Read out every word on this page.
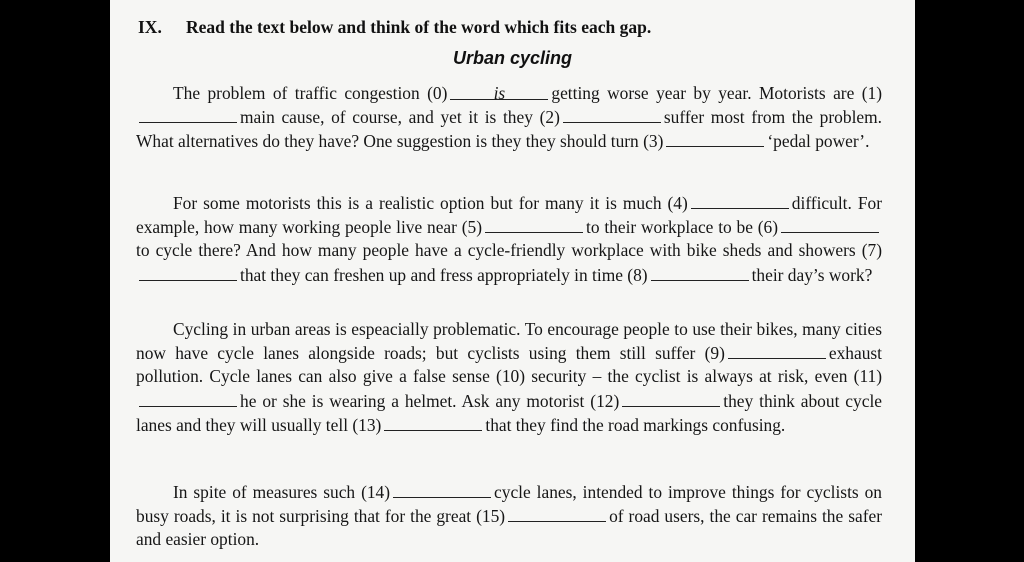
IX. Read the text below and think of the word which fits each gap.
Urban cycling
The problem of traffic congestion (0)	is	getting worse year by year. Motorists are (1)main cause, of course, and yet it is they (2)	suffer most from the problem. What alternatives do they have? One suggestion is they they should turn (3)	‘pedal power’.
For some motorists this is a realistic option but for many it is much (4)	difficult. For example, how many working people live near (5)	to their workplace to be (6)to cycle there? And how many people have a cycle-friendly workplace with bike sheds and showers (7)that they can freshen up and fress appropriately in time (8)	their day’s work?
Cycling in urban areas is espeacially problematic. To encourage people to use their bikes, many cities now have cycle lanes alongside roads; but cyclists using them still suffer (9)	exhaust pollution. Cycle lanes can also give a false sense (10) security – the cyclist is always at risk, even (11)he or she is wearing a helmet. Ask any motorist (12)	they think about cycle lanes and they will usually tell (13)	that they find the road markings confusing.
In spite of measures such (14)	cycle lanes, intended to improve things for cyclists on busy roads, it is not surprising that for the great (15)	of road users, the car remains the safer and easier option.
